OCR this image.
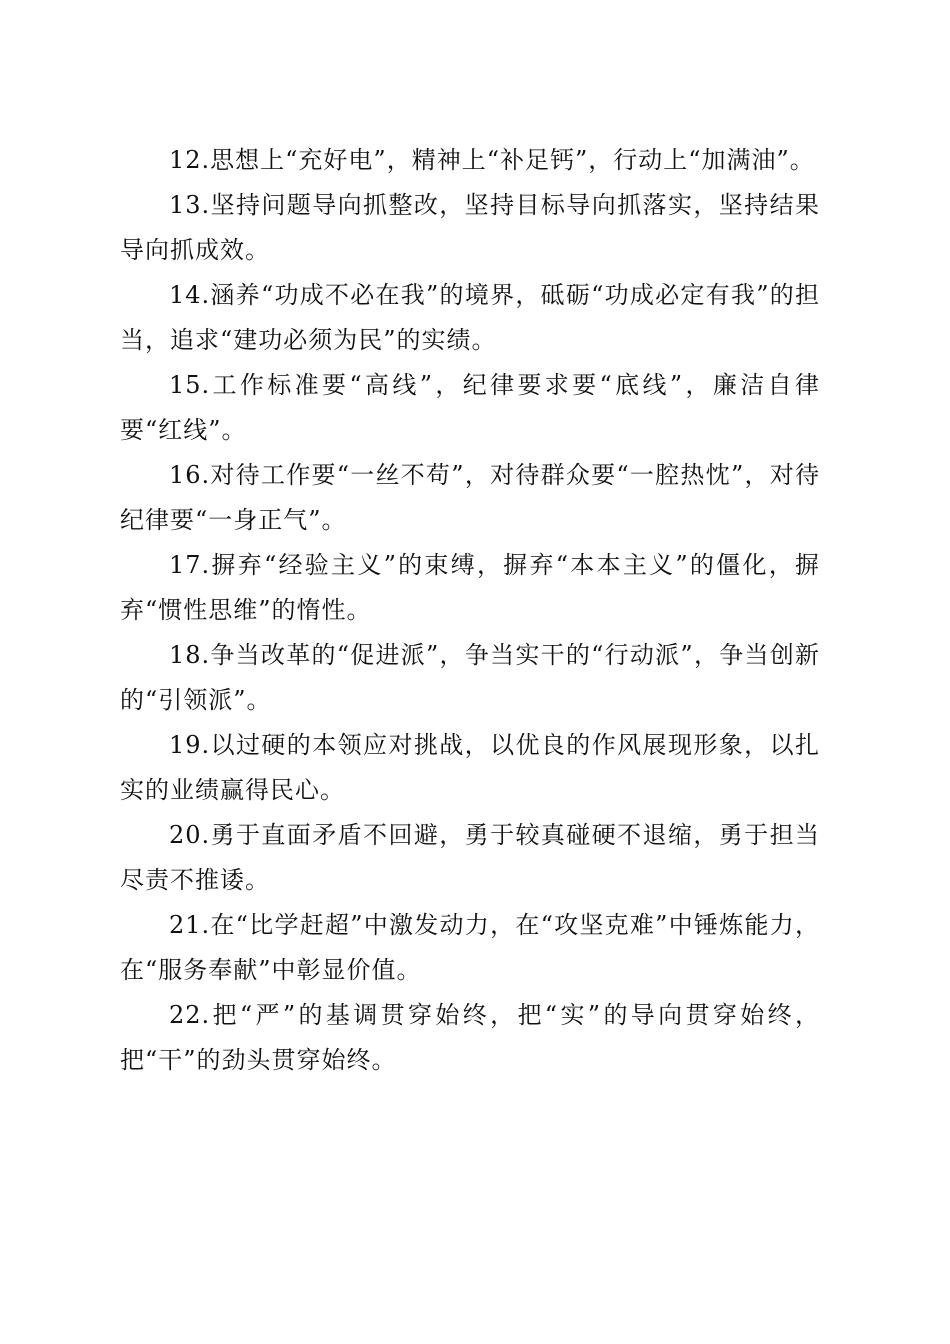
12.思想上“充好电”，精神上“补足钙”，行动上“加满油”。

13.坚持问题导向抓整改，坚持目标导向抓落实，坚持结果导向抓成效。

14.涵养“功成不必在我”的境界，砥砺“功成必定有我”的担当，追求“建功必须为民”的实绩。

15.工作标准要“高线”，纪律要求要“底线”，廉洁自律要“红线”。

16.对待工作要“一丝不苟”，对待群众要“一腔热忱”，对待纪律要“一身正气”。

17.摒弃“经验主义”的束缚，摒弃“本本主义”的僵化，摒弃“惯性思维”的惰性。

18.争当改革的“促进派”，争当实干的“行动派”，争当创新的“引领派”。

19.以过硬的本领应对挑战，以优良的作风展现形象，以扎实的业绩赢得民心。

20.勇于直面矛盾不回避，勇于较真碰硬不退缩，勇于担当尽责不推诿。

21.在“比学赶超”中激发动力，在“攻坚克难”中锤炼能力，在“服务奉献”中彰显价值。

22.把“严”的基调贯穿始终，把“实”的导向贯穿始终，把“干”的劲头贯穿始终。
